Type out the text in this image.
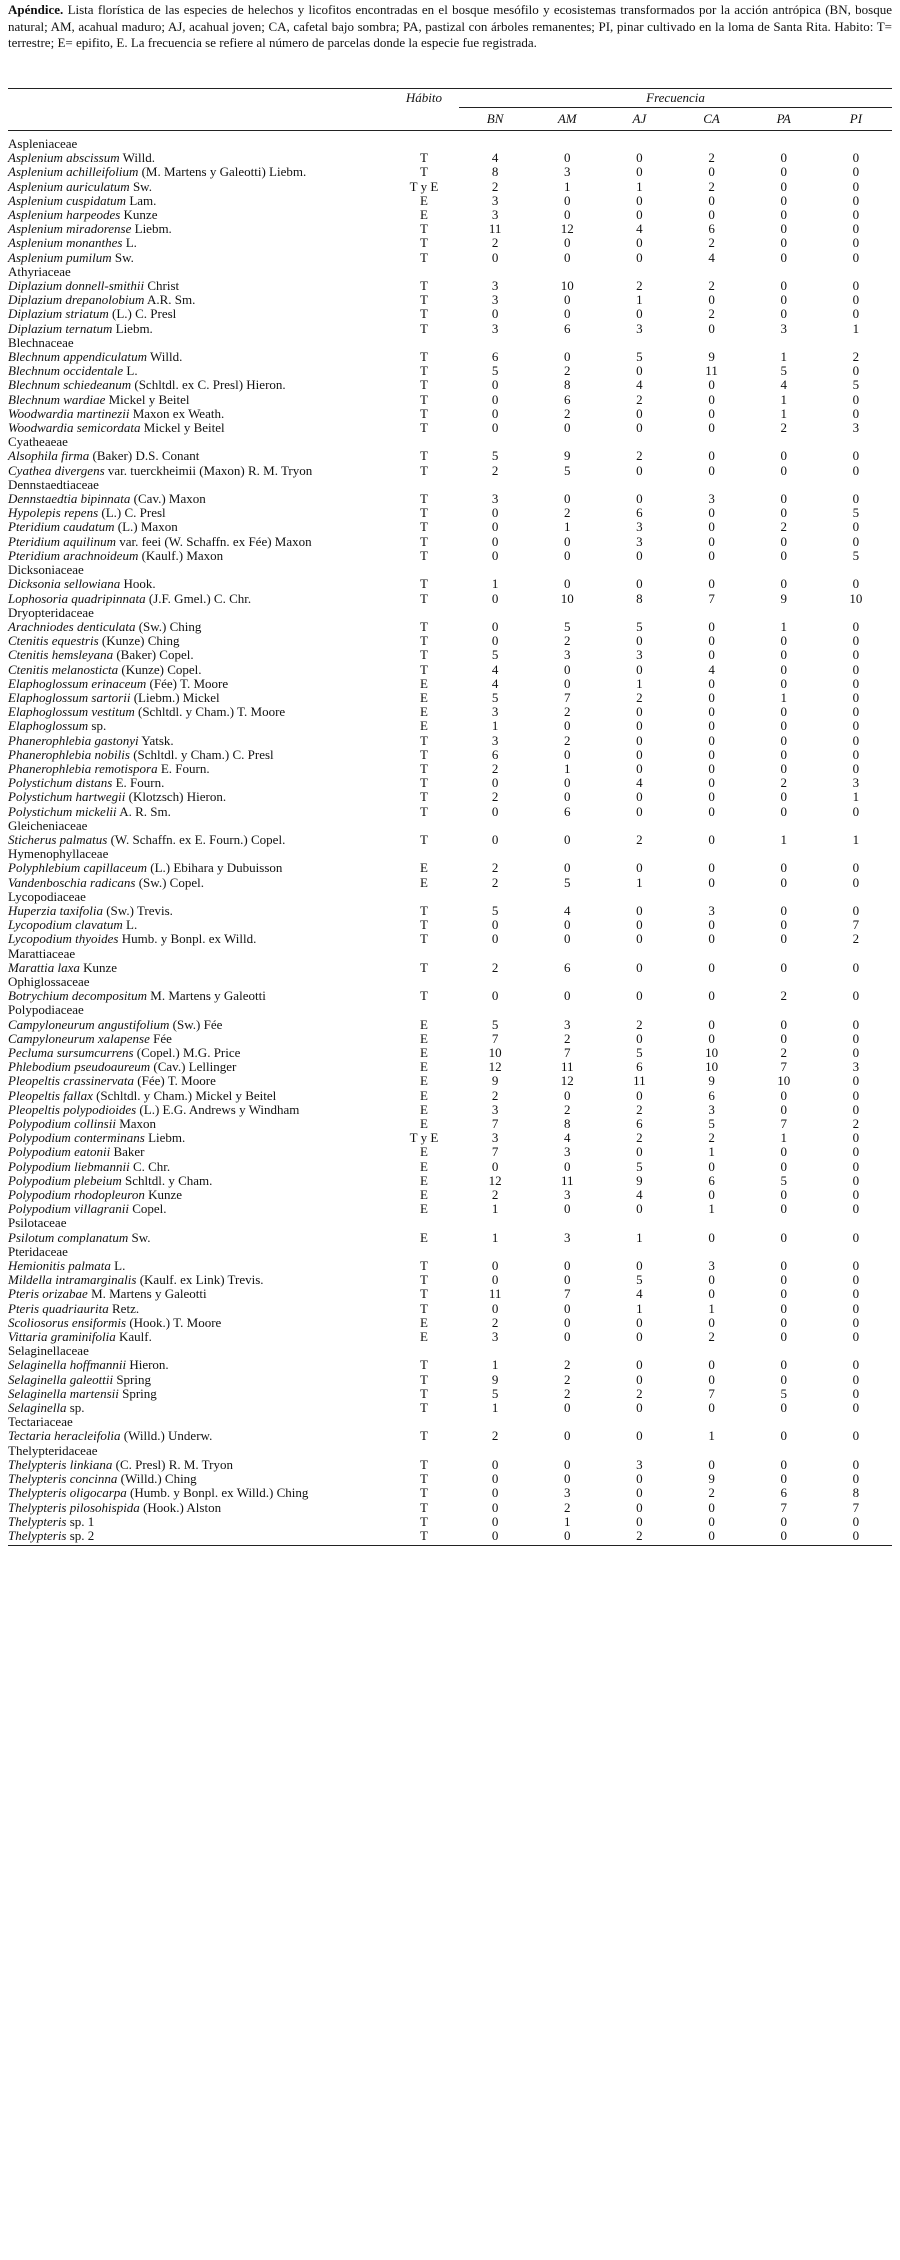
Apéndice. Lista florística de las especies de helechos y licofitos encontradas en el bosque mesófilo y ecosistemas transformados por la acción antrópica (BN, bosque natural; AM, acahual maduro; AJ, acahual joven; CA, cafetal bajo sombra; PA, pastizal con árboles remanentes; PI, pinar cultivado en la loma de Santa Rita. Habito: T= terrestre; E= epifito, E. La frecuencia se refiere al número de parcelas donde la especie fue registrada.
	Hábito	Frecuencia					
		BN	AM	AJ	CA	PA	PI
Aspleniaceae							
Asplenium abscissum Willd.	T	4	0	0	2	0	0
Asplenium achilleifolium (M. Martens y Galeotti) Liebm.	T	8	3	0	0	0	0
Asplenium auriculatum Sw.	T y E	2	1	1	2	0	0
Asplenium cuspidatum Lam.	E	3	0	0	0	0	0
Asplenium harpeodes Kunze	E	3	0	0	0	0	0
Asplenium miradorense Liebm.	T	11	12	4	6	0	0
Asplenium monanthes L.	T	2	0	0	2	0	0
Asplenium pumilum Sw.	T	0	0	0	4	0	0
Athyriaceae							
Diplazium donnell-smithii Christ	T	3	10	2	2	0	0
Diplazium drepanolobium A.R. Sm.	T	3	0	1	0	0	0
Diplazium striatum (L.) C. Presl	T	0	0	0	2	0	0
Diplazium ternatum Liebm.	T	3	6	3	0	3	1
Blechnaceae							
Blechnum appendiculatum Willd.	T	6	0	5	9	1	2
Blechnum occidentale L.	T	5	2	0	11	5	0
Blechnum schiedeanum (Schltdl. ex C. Presl) Hieron.	T	0	8	4	0	4	5
Blechnum wardiae Mickel y Beitel	T	0	6	2	0	1	0
Woodwardia martinezii Maxon ex Weath.	T	0	2	0	0	1	0
Woodwardia semicordata Mickel y Beitel	T	0	0	0	0	2	3
Cyatheaeae							
Alsophila firma (Baker) D.S. Conant	T	5	9	2	0	0	0
Cyathea divergens var. tuerckheimii (Maxon) R. M. Tryon	T	2	5	0	0	0	0
Dennstaedtiaceae							
Dennstaedtia bipinnata (Cav.) Maxon	T	3	0	0	3	0	0
Hypolepis repens (L.) C. Presl	T	0	2	6	0	0	5
Pteridium caudatum (L.) Maxon	T	0	1	3	0	2	0
Pteridium aquilinum var. feei (W. Schaffn. ex Fée) Maxon	T	0	0	3	0	0	0
Pteridium arachnoideum (Kaulf.) Maxon	T	0	0	0	0	0	5
Dicksoniaceae							
Dicksonia sellowiana Hook.	T	1	0	0	0	0	0
Lophosoria quadripinnata (J.F. Gmel.) C. Chr.	T	0	10	8	7	9	10
Dryopteridaceae							
Arachniodes denticulata (Sw.) Ching	T	0	5	5	0	1	0
Ctenitis equestris (Kunze) Ching	T	0	2	0	0	0	0
Ctenitis hemsleyana (Baker) Copel.	T	5	3	3	0	0	0
Ctenitis melanosticta (Kunze) Copel.	T	4	0	0	4	0	0
Elaphoglossum erinaceum (Fée) T. Moore	E	4	0	1	0	0	0
Elaphoglossum sartorii (Liebm.) Mickel	E	5	7	2	0	1	0
Elaphoglossum vestitum (Schltdl. y Cham.) T. Moore	E	3	2	0	0	0	0
Elaphoglossum sp.	E	1	0	0	0	0	0
Phanerophlebia gastonyi Yatsk.	T	3	2	0	0	0	0
Phanerophlebia nobilis (Schltdl. y Cham.) C. Presl	T	6	0	0	0	0	0
Phanerophlebia remotispora E. Fourn.	T	2	1	0	0	0	0
Polystichum distans E. Fourn.	T	0	0	4	0	2	3
Polystichum hartwegii (Klotzsch) Hieron.	T	2	0	0	0	0	1
Polystichum mickelii A. R. Sm.	T	0	6	0	0	0	0
Gleicheniaceae							
Sticherus palmatus (W. Schaffn. ex E. Fourn.) Copel.	T	0	0	2	0	1	1
Hymenophyllaceae							
Polyphlebium capillaceum (L.) Ebihara y Dubuisson	E	2	0	0	0	0	0
Vandenboschia radicans (Sw.) Copel.	E	2	5	1	0	0	0
Lycopodiaceae							
Huperzia taxifolia (Sw.) Trevis.	T	5	4	0	3	0	0
Lycopodium clavatum L.	T	0	0	0	0	0	7
Lycopodium thyoides Humb. y Bonpl. ex Willd.	T	0	0	0	0	0	2
Marattiaceae							
Marattia laxa Kunze	T	2	6	0	0	0	0
Ophiglossaceae							
Botrychium decompositum M. Martens y Galeotti	T	0	0	0	0	2	0
Polypodiaceae							
Campyloneurum angustifolium (Sw.) Fée	E	5	3	2	0	0	0
Campyloneurum xalapense Fée	E	7	2	0	0	0	0
Pecluma sursumcurrens (Copel.) M.G. Price	E	10	7	5	10	2	0
Phlebodium pseudoaureum (Cav.) Lellinger	E	12	11	6	10	7	3
Pleopeltis crassinervata (Fée) T. Moore	E	9	12	11	9	10	0
Pleopeltis fallax (Schltdl. y Cham.) Mickel y Beitel	E	2	0	0	6	0	0
Pleopeltis polypodioides (L.) E.G. Andrews y Windham	E	3	2	2	3	0	0
Polypodium collinsii Maxon	E	7	8	6	5	7	2
Polypodium conterminans Liebm.	T y E	3	4	2	2	1	0
Polypodium eatonii Baker	E	7	3	0	1	0	0
Polypodium liebmannii C. Chr.	E	0	0	5	0	0	0
Polypodium plebeium Schltdl. y Cham.	E	12	11	9	6	5	0
Polypodium rhodopleuron Kunze	E	2	3	4	0	0	0
Polypodium villagranii Copel.	E	1	0	0	1	0	0
Psilotaceae							
Psilotum complanatum Sw.	E	1	3	1	0	0	0
Pteridaceae							
Hemionitis palmata L.	T	0	0	0	3	0	0
Mildella intramarginalis (Kaulf. ex Link) Trevis.	T	0	0	5	0	0	0
Pteris orizabae M. Martens y Galeotti	T	11	7	4	0	0	0
Pteris quadriaurita Retz.	T	0	0	1	1	0	0
Scoliosorus ensiformis (Hook.) T. Moore	E	2	0	0	0	0	0
Vittaria graminifolia Kaulf.	E	3	0	0	2	0	0
Selaginellaceae							
Selaginella hoffmannii Hieron.	T	1	2	0	0	0	0
Selaginella galeottii Spring	T	9	2	0	0	0	0
Selaginella martensii Spring	T	5	2	2	7	5	0
Selaginella sp.	T	1	0	0	0	0	0
Tectariaceae							
Tectaria heracleifolia (Willd.) Underw.	T	2	0	0	1	0	0
Thelypteridaceae							
Thelypteris linkiana (C. Presl) R. M. Tryon	T	0	0	3	0	0	0
Thelypteris concinna (Willd.) Ching	T	0	0	0	9	0	0
Thelypteris oligocarpa (Humb. y Bonpl. ex Willd.) Ching	T	0	3	0	2	6	8
Thelypteris pilosohispida (Hook.) Alston	T	0	2	0	0	7	7
Thelypteris sp. 1	T	0	1	0	0	0	0
Thelypteris sp. 2	T	0	0	2	0	0	0
